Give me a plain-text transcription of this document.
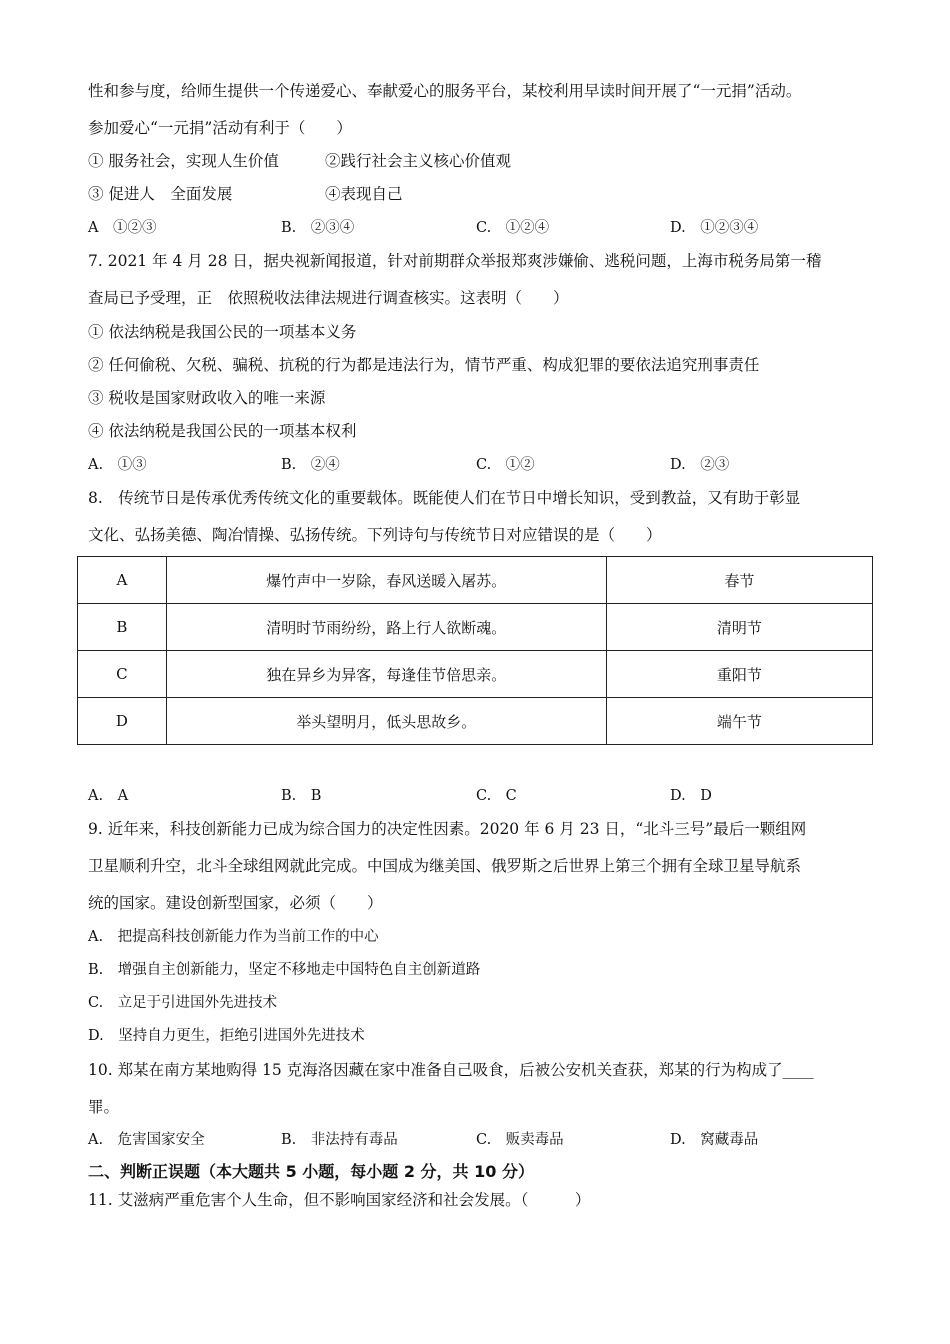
性和参与度，给师生提供一个传递爱心、奉献爱心的服务平台，某校利用早读时间开展了“一元捐”活动。
参加爱心“一元捐”活动有利于（　　）
① 服务社会，实现人生价值	②践行社会主义核心价值观
③ 促进人　全面发展	④表现自己
A　①②③	B.　②③④	C.　①②④	D.　①②③④
7. 2021 年 4 月 28 日，据央视新闻报道，针对前期群众举报郑爽涉嫌偷、逃税问题，上海市税务局第一稽
查局已予受理，正　依照税收法律法规进行调查核实。这表明（　　）
① 依法纳税是我国公民的一项基本义务
② 任何偷税、欠税、骗税、抗税的行为都是违法行为，情节严重、构成犯罪的要依法追究刑事责任
③ 税收是国家财政收入的唯一来源
④ 依法纳税是我国公民的一项基本权利
A.　①③	B.　②④	C.　①②	D.　②③
8.　传统节日是传承优秀传统文化的重要载体。既能使人们在节日中增长知识，受到教益，又有助于彰显
文化、弘扬美德、陶冶情操、弘扬传统。下列诗句与传统节日对应错误的是（　　）
A	爆竹声中一岁除，春风送暖入屠苏。	春节
B	清明时节雨纷纷，路上行人欲断魂。	清明节
C	独在异乡为异客，每逢佳节倍思亲。	重阳节
D	举头望明月，低头思故乡。	端午节
A.　A	B.　B	C.　C	D.　D
9. 近年来，科技创新能力已成为综合国力的决定性因素。2020 年 6 月 23 日，“北斗三号”最后一颗组网
卫星顺利升空，北斗全球组网就此完成。中国成为继美国、俄罗斯之后世界上第三个拥有全球卫星导航系
统的国家。建设创新型国家，必须（　　）
A.　把提高科技创新能力作为当前工作的中心
B.　增强自主创新能力，坚定不移地走中国特色自主创新道路
C.　立足于引进国外先进技术
D.　坚持自力更生，拒绝引进国外先进技术
10. 郑某在南方某地购得 15 克海洛因藏在家中准备自己吸食，后被公安机关查获，郑某的行为构成了____
罪。
A.　危害国家安全	B.　非法持有毒品	C.　贩卖毒品	D.　窝藏毒品
二、判断正误题（本大题共 5 小题，每小题 2 分，共 10 分）
11. 艾滋病严重危害个人生命，但不影响国家经济和社会发展。（　　　）
